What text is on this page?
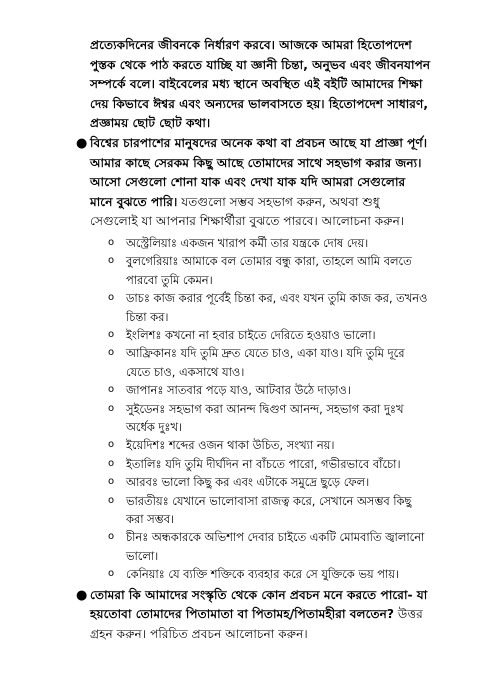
প্রত্যেকদিনের জীবনকে নির্ধারণ করবে। আজকে আমরা হিতোপদেশ পুস্তক থেকে পাঠ করতে যাচ্ছি যা জ্ঞানী চিন্তা, অনুভব এবং জীবনযাপন সম্পর্কে বলে। বাইবেলের মধ্য স্থানে অবস্থিত এই বইটি আমাদের শিক্ষা দেয় কিভাবে ঈশ্বর এবং অন্যদের ভালবাসতে হয়। হিতোপদেশ সাধারণ, প্রজ্ঞাময় ছোট ছোট কথা।

● বিশ্বের চারপাশের মানুষদের অনেক কথা বা প্রবচন আছে যা প্রাজ্ঞা পূর্ণ। আমার কাছে সেরকম কিছু আছে তোমাদের সাথে সহভাগ করার জন্য। আসো সেগুলো শোনা যাক এবং দেখা যাক যদি আমরা সেগুলোর মানে বুঝতে পারি। যতগুলো সম্ভব সহভাগ করুন, অথবা শুধু সেগুলোই যা আপনার শিক্ষার্থীরা বুঝতে পারবে। আলোচনা করুন।
o অস্ট্রেলিয়াঃ একজন খারাপ কর্মী তার যন্ত্রকে দোষ দেয়।
o বুলগেরিয়াঃ আমাকে বল তোমার বন্ধু কারা, তাহলে আমি বলতে পারবো তুমি কেমন।
o ডাচঃ কাজ করার পূর্বেই চিন্তা কর, এবং যখন তুমি কাজ কর, তখনও চিন্তা কর।
o ইংলিশঃ কখনো না হবার চাইতে দেরিতে হওয়াও ভালো।
o আফ্রিকানঃ যদি তুমি দ্রুত যেতে চাও, একা যাও। যদি তুমি দূরে যেতে চাও, একসাথে যাও।
o জাপানঃ সাতবার পড়ে যাও, আটবার উঠে দাড়াও।
o সুইডেনঃ সহভাগ করা আনন্দ দ্বিগুণ আনন্দ, সহভাগ করা দুঃখ অর্ধেক দুঃখ।
o ইয়েদিশঃ শব্দের ওজন থাকা উচিত, সংখ্যা নয়।
o ইতালিঃ যদি তুমি দীর্ঘদিন না বাঁচতে পারো, গভীরভাবে বাঁচো।
o আরবঃ ভালো কিছু কর এবং এটাকে সমুদ্রে ছুড়ে ফেল।
o ভারতীয়ঃ যেখানে ভালোবাসা রাজত্ব করে, সেখানে অসম্ভব কিছু করা সম্ভব।
o চীনঃ অন্ধকারকে অভিশাপ দেবার চাইতে একটি মোমবাতি জ্বালানো ভালো।
o কেনিয়াঃ যে ব্যক্তি শক্তিকে ব্যবহার করে সে যুক্তিকে ভয় পায়।
● তোমরা কি আমাদের সংস্কৃতি থেকে কোন প্রবচন মনে করতে পারো- যা হয়তোবা তোমাদের পিতামাতা বা পিতামহ/পিতামহীরা বলতেন? উত্তর গ্রহন করুন। পরিচিত প্রবচন আলোচনা করুন।
